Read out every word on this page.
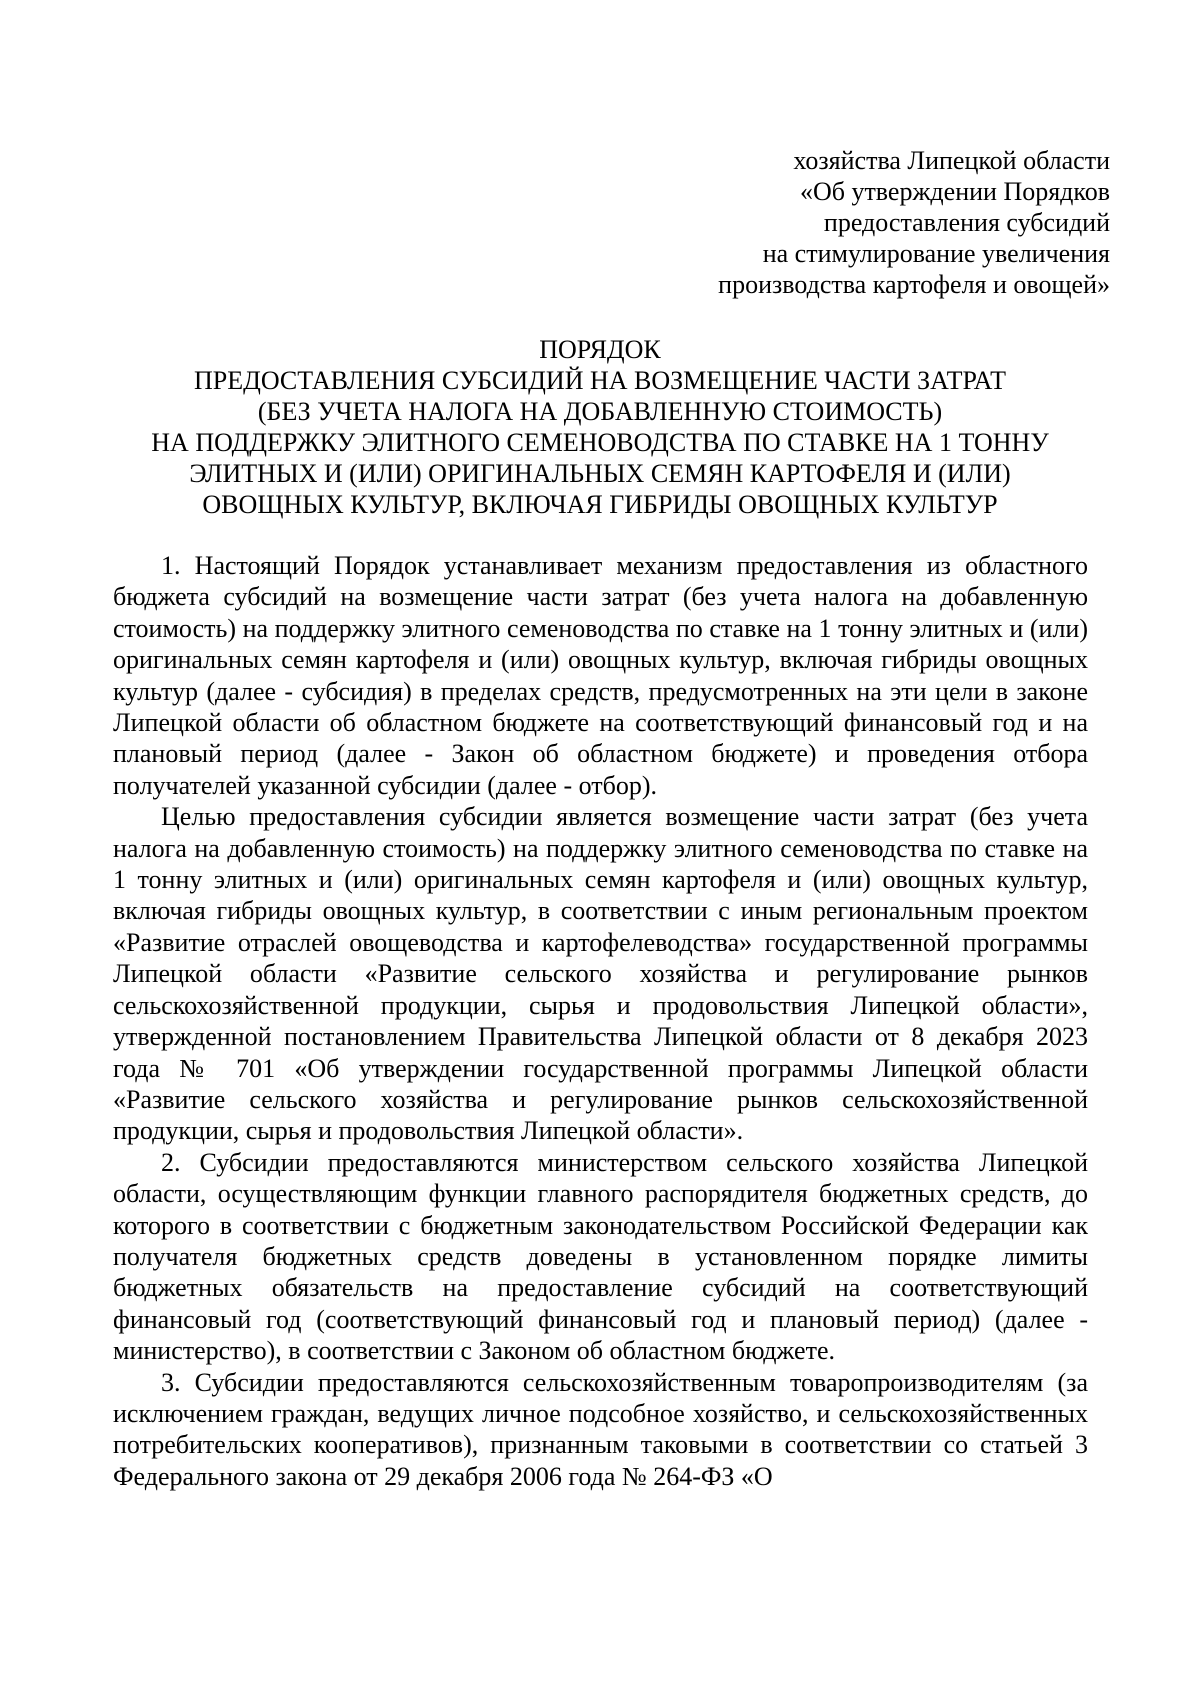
хозяйства Липецкой области
«Об утверждении Порядков
предоставления субсидий
на стимулирование увеличения
производства картофеля и овощей»
ПОРЯДОК
ПРЕДОСТАВЛЕНИЯ СУБСИДИЙ НА ВОЗМЕЩЕНИЕ ЧАСТИ ЗАТРАТ
(БЕЗ УЧЕТА НАЛОГА НА ДОБАВЛЕННУЮ СТОИМОСТЬ)
НА ПОДДЕРЖКУ ЭЛИТНОГО СЕМЕНОВОДСТВА ПО СТАВКЕ НА 1 ТОННУ
ЭЛИТНЫХ И (ИЛИ) ОРИГИНАЛЬНЫХ СЕМЯН КАРТОФЕЛЯ И (ИЛИ)
ОВОЩНЫХ КУЛЬТУР, ВКЛЮЧАЯ ГИБРИДЫ ОВОЩНЫХ КУЛЬТУР

1. Настоящий Порядок устанавливает механизм предоставления из областного бюджета субсидий на возмещение части затрат (без учета налога на добавленную стоимость) на поддержку элитного семеноводства по ставке на 1 тонну элитных и (или) оригинальных семян картофеля и (или) овощных культур, включая гибриды овощных культур (далее - субсидия) в пределах средств, предусмотренных на эти цели в законе Липецкой области об областном бюджете на соответствующий финансовый год и на плановый период (далее - Закон об областном бюджете) и проведения отбора получателей указанной субсидии (далее - отбор).

Целью предоставления субсидии является возмещение части затрат (без учета налога на добавленную стоимость) на поддержку элитного семеноводства по ставке на 1 тонну элитных и (или) оригинальных семян картофеля и (или) овощных культур, включая гибриды овощных культур, в соответствии с иным региональным проектом «Развитие отраслей овощеводства и картофелеводства» государственной программы Липецкой области «Развитие сельского хозяйства и регулирование рынков сельскохозяйственной продукции, сырья и продовольствия Липецкой области», утвержденной постановлением Правительства Липецкой области от 8 декабря 2023 года № 701 «Об утверждении государственной программы Липецкой области «Развитие сельского хозяйства и регулирование рынков сельскохозяйственной продукции, сырья и продовольствия Липецкой области».

2. Субсидии предоставляются министерством сельского хозяйства Липецкой области, осуществляющим функции главного распорядителя бюджетных средств, до которого в соответствии с бюджетным законодательством Российской Федерации как получателя бюджетных средств доведены в установленном порядке лимиты бюджетных обязательств на предоставление субсидий на соответствующий финансовый год (соответствующий финансовый год и плановый период) (далее - министерство), в соответствии с Законом об областном бюджете.

3. Субсидии предоставляются сельскохозяйственным товаропроизводителям (за исключением граждан, ведущих личное подсобное хозяйство, и сельскохозяйственных потребительских кооперативов), признанным таковыми в соответствии со статьей 3 Федерального закона от 29 декабря 2006 года № 264-ФЗ «О
